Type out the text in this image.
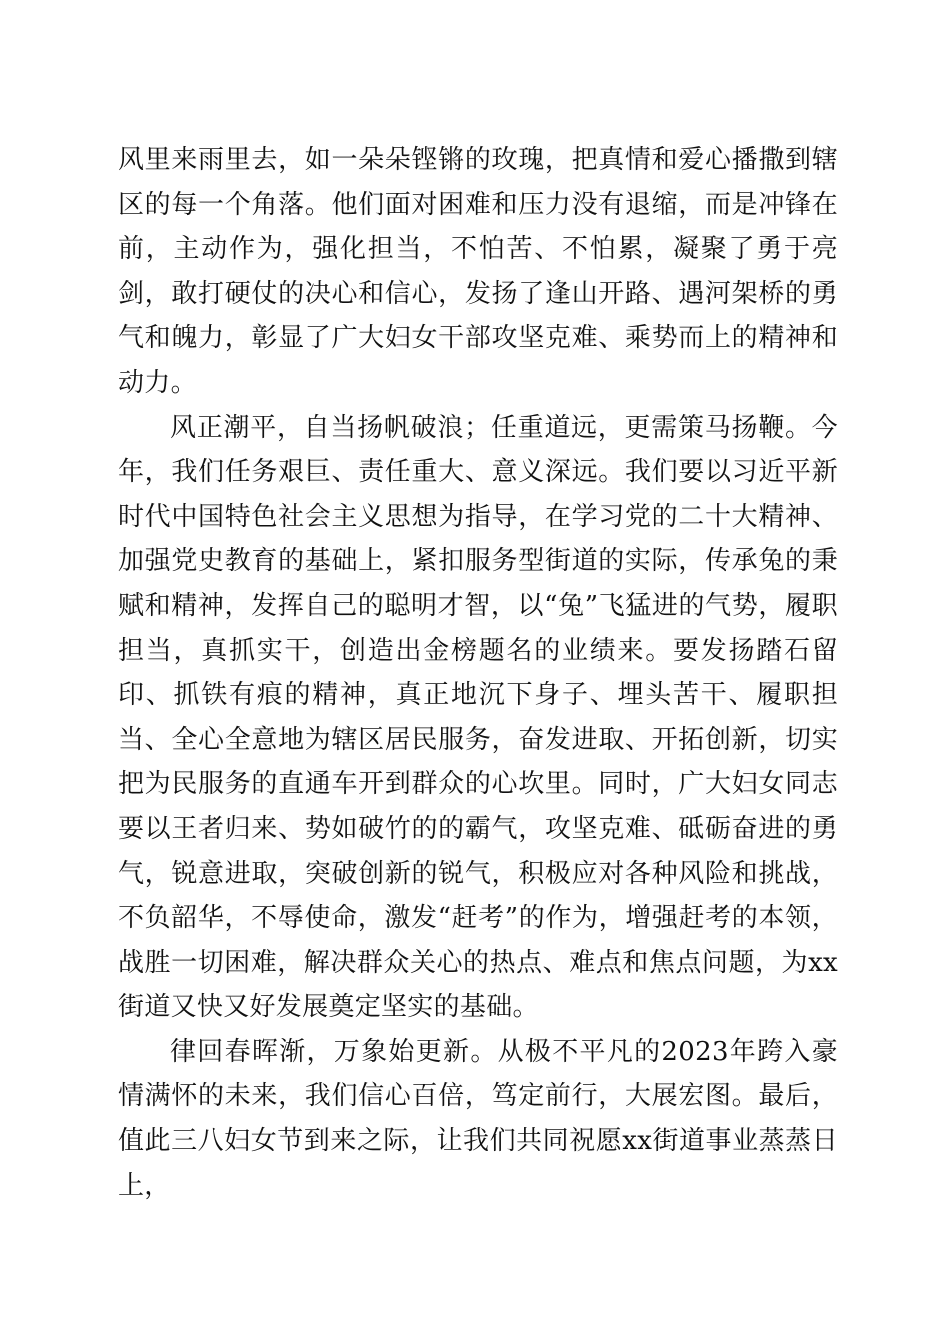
风里来雨里去，如一朵朵铿锵的玫瑰，把真情和爱心播撒到辖区的每一个角落。他们面对困难和压力没有退缩，而是冲锋在前，主动作为，强化担当，不怕苦、不怕累，凝聚了勇于亮剑，敢打硬仗的决心和信心，发扬了逢山开路、遇河架桥的勇气和魄力，彰显了广大妇女干部攻坚克难、乘势而上的精神和动力。

风正潮平，自当扬帆破浪；任重道远，更需策马扬鞭。今年，我们任务艰巨、责任重大、意义深远。我们要以习近平新时代中国特色社会主义思想为指导，在学习党的二十大精神、加强党史教育的基础上，紧扣服务型街道的实际，传承兔的秉赋和精神，发挥自己的聪明才智，以“兔”飞猛进的气势，履职担当，真抓实干，创造出金榜题名的业绩来。要发扬踏石留印、抓铁有痕的精神，真正地沉下身子、埋头苦干、履职担当、全心全意地为辖区居民服务，奋发进取、开拓创新，切实把为民服务的直通车开到群众的心坎里。同时，广大妇女同志要以王者归来、势如破竹的的霸气，攻坚克难、砥砺奋进的勇气，锐意进取，突破创新的锐气，积极应对各种风险和挑战，不负韶华，不辱使命，激发“赶考”的作为，增强赶考的本领，战胜一切困难，解决群众关心的热点、难点和焦点问题，为xx街道又快又好发展奠定坚实的基础。

律回春晖渐，万象始更新。从极不平凡的2023年跨入豪情满怀的未来，我们信心百倍，笃定前行，大展宏图。最后，值此三八妇女节到来之际，让我们共同祝愿xx街道事业蒸蒸日上，
